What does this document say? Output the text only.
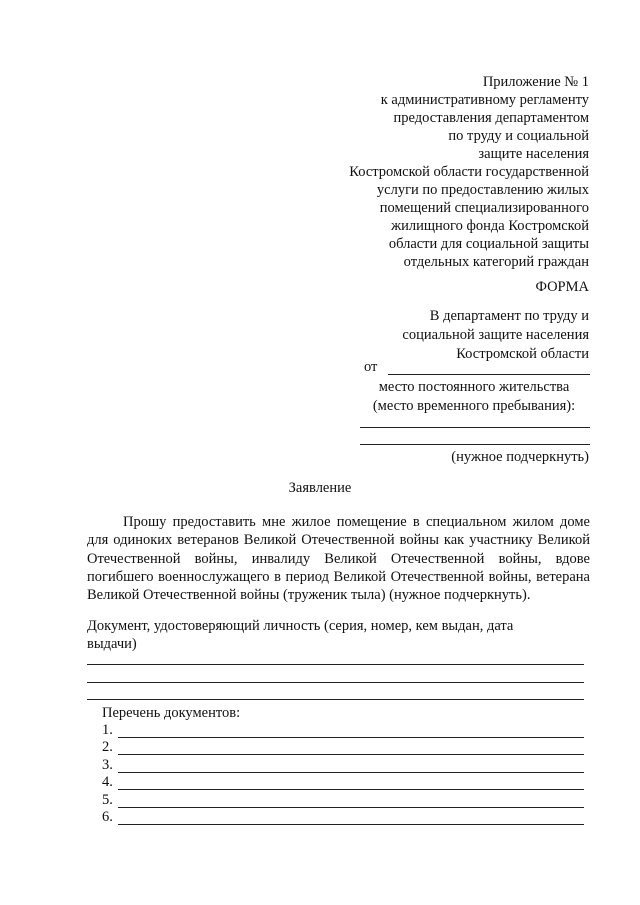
Приложение № 1
к административному регламенту
предоставления департаментом
по труду и социальной
защите населения
Костромской области государственной
услуги по предоставлению жилых
помещений специализированного
жилищного фонда Костромской
области для социальной защиты
отдельных категорий граждан
ФОРМА
В департамент по труду и
социальной защите населения
Костромской области
от
место постоянного жительства
(место временного пребывания):
(нужное подчеркнуть)
Заявление

Прошу предоставить мне жилое помещение в специальном жилом доме для одиноких ветеранов Великой Отечественной войны как участнику Великой Отечественной войны, инвалиду Великой Отечественной войны, вдове погибшего военнослужащего в период Великой Отечественной войны, ветерана Великой Отечественной войны (труженик тыла) (нужное подчеркнуть).

Документ, удостоверяющий личность (серия, номер, кем выдан, дата
выдачи)
Перечень документов:
1.
2.
3.
4.
5.
6.
